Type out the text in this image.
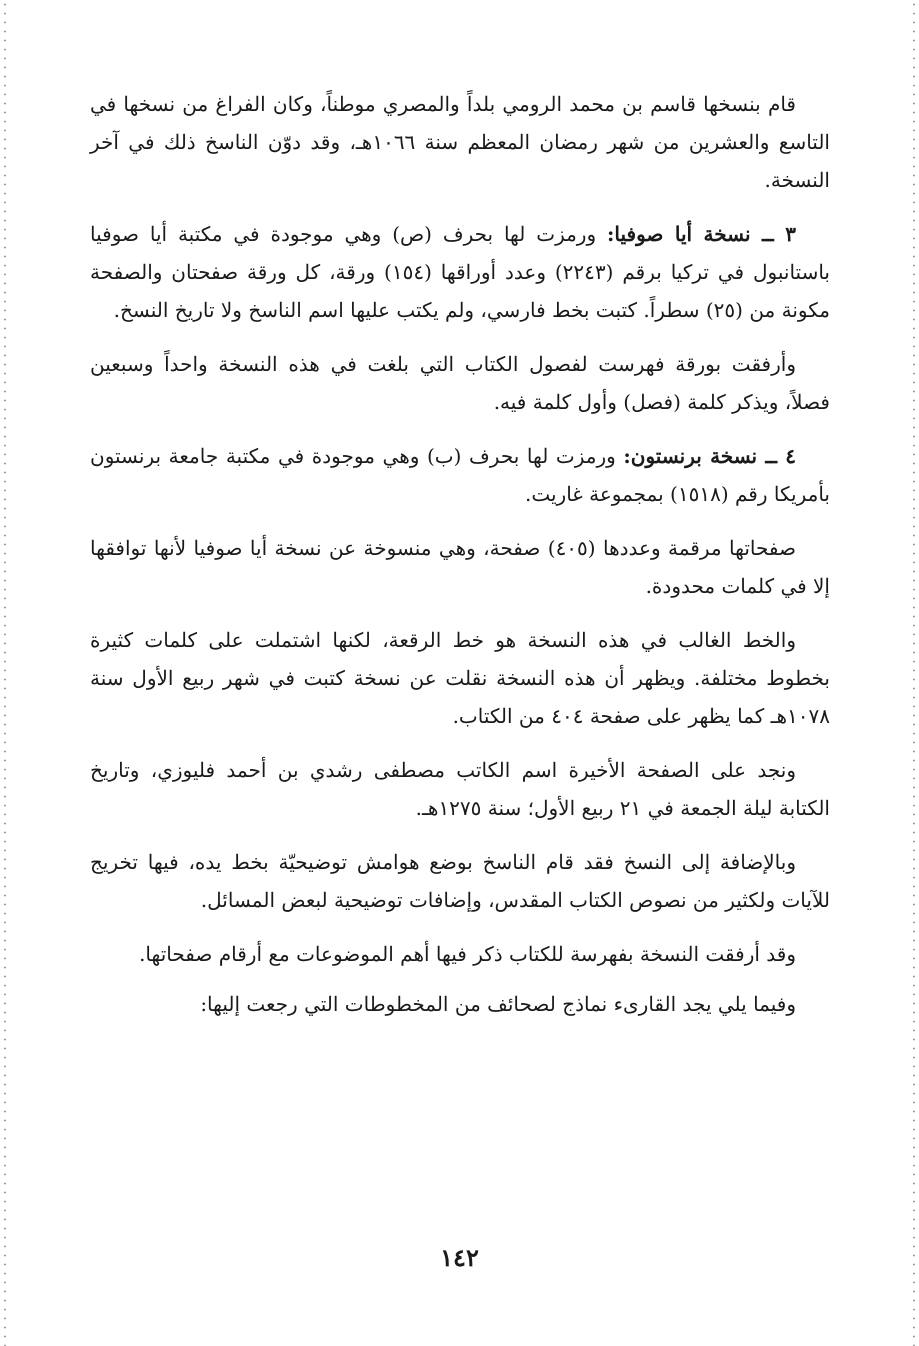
قام بنسخها قاسم بن محمد الرومي بلداً والمصري موطناً، وكان الفراغ من نسخها في التاسع والعشرين من شهر رمضان المعظم سنة ١٠٦٦هـ، وقد دوّن الناسخ ذلك في آخر النسخة.

٣ ــ نسخة أيا صوفيا: ورمزت لها بحرف (ص) وهي موجودة في مكتبة أيا صوفيا باستانبول في تركيا برقم (٢٢٤٣) وعدد أوراقها (١٥٤) ورقة، كل ورقة صفحتان والصفحة مكونة من (٢٥) سطراً. كتبت بخط فارسي، ولم يكتب عليها اسم الناسخ ولا تاريخ النسخ.

وأرفقت بورقة فهرست لفصول الكتاب التي بلغت في هذه النسخة واحداً وسبعين فصلاً، ويذكر كلمة (فصل) وأول كلمة فيه.

٤ ــ نسخة برنستون: ورمزت لها بحرف (ب) وهي موجودة في مكتبة جامعة برنستون بأمريكا رقم (١٥١٨) بمجموعة غاريت.

صفحاتها مرقمة وعددها (٤٠٥) صفحة، وهي منسوخة عن نسخة أيا صوفيا لأنها توافقها إلا في كلمات محدودة.

والخط الغالب في هذه النسخة هو خط الرقعة، لكنها اشتملت على كلمات كثيرة بخطوط مختلفة. ويظهر أن هذه النسخة نقلت عن نسخة كتبت في شهر ربيع الأول سنة ١٠٧٨هـ كما يظهر على صفحة ٤٠٤ من الكتاب.

ونجد على الصفحة الأخيرة اسم الكاتب مصطفى رشدي بن أحمد فليوزي، وتاريخ الكتابة ليلة الجمعة في ٢١ ربيع الأول؛ سنة ١٢٧٥هـ.

وبالإضافة إلى النسخ فقد قام الناسخ بوضع هوامش توضيحيّة بخط يده، فيها تخريج للآيات ولكثير من نصوص الكتاب المقدس، وإضافات توضيحية لبعض المسائل.

وقد أرفقت النسخة بفهرسة للكتاب ذكر فيها أهم الموضوعات مع أرقام صفحاتها.

وفيما يلي يجد القارىء نماذج لصحائف من المخطوطات التي رجعت إليها:

١٤٢
